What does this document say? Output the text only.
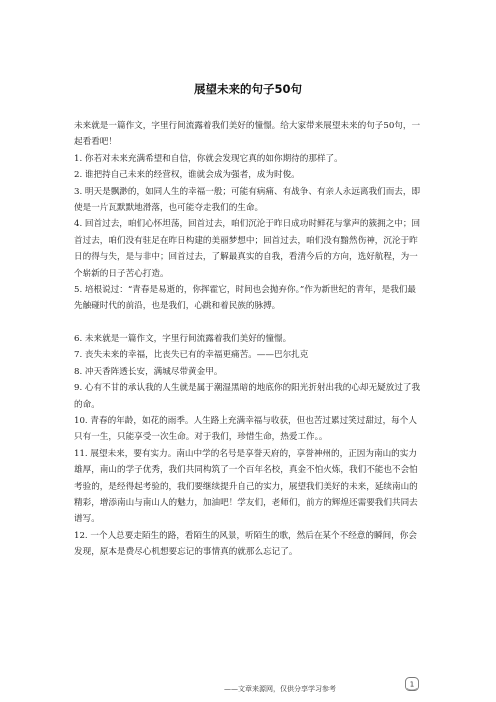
展望未来的句子50句

未来就是一篇作文，字里行间流露着我们美好的憧憬。给大家带来展望未来的句子50句，一起看看吧！

1. 你若对未来充满希望和自信，你就会发现它真的如你期待的那样了。

2. 谁把持自己未来的经营权，谁就会成为强者，成为时俊。

3. 明天是飘渺的，如同人生的幸福一般；可能有病痛、有战争、有亲人永远离我们而去，即使是一片瓦默默地滑落，也可能夺走我们的生命。

4. 回首过去，咱们心怀坦荡，回首过去，咱们沉沦于昨日成功时鲜花与掌声的簇拥之中；回首过去，咱们没有驻足在昨日构建的美丽梦想中；回首过去，咱们没有黯然伤神，沉沦于昨日的得与失，是与非中；回首过去，了解最真实的自我，看清今后的方向，选好航程，为一个崭新的日子苦心打造。

5. 培根说过：“青春是易逝的，你挥霍它，时间也会抛弃你。”作为新世纪的青年，是我们最先触碰时代的前沿，也是我们，心跳和着民族的脉搏。

6. 未来就是一篇作文，字里行间流露着我们美好的憧憬。

7. 丧失未来的幸福，比丧失已有的幸福更痛苦。——巴尔扎克

8. 冲天香阵透长安，满城尽带黄金甲。

9. 心有不甘的承认我的人生就是属于潮湿黑暗的地底你的阳光折射出我的心却无疑放过了我的命。

10. 青春的年龄，如花的雨季。人生路上充满幸福与收获，但也苦过累过笑过甜过，每个人只有一生，只能享受一次生命。对于我们，珍惜生命，热爱工作。。

11. 展望未来，要有实力。南山中学的名号是享誉天府的，享誉神州的，正因为南山的实力雄厚，南山的学子优秀，我们共同构筑了一个百年名校，真金不怕火炼，我们不能也不会怕考验的，是经得起考验的，我们要继续提升自己的实力，展望我们美好的未来，延续南山的精彩，增添南山与南山人的魅力，加油吧！学友们，老师们，前方的辉煌还需要我们共同去谱写。

12. 一个人总要走陌生的路，看陌生的风景，听陌生的歌，然后在某个不经意的瞬间，你会发现，原本是费尽心机想要忘记的事情真的就那么忘记了。

——文章来源网，仅供分享学习参考
1
